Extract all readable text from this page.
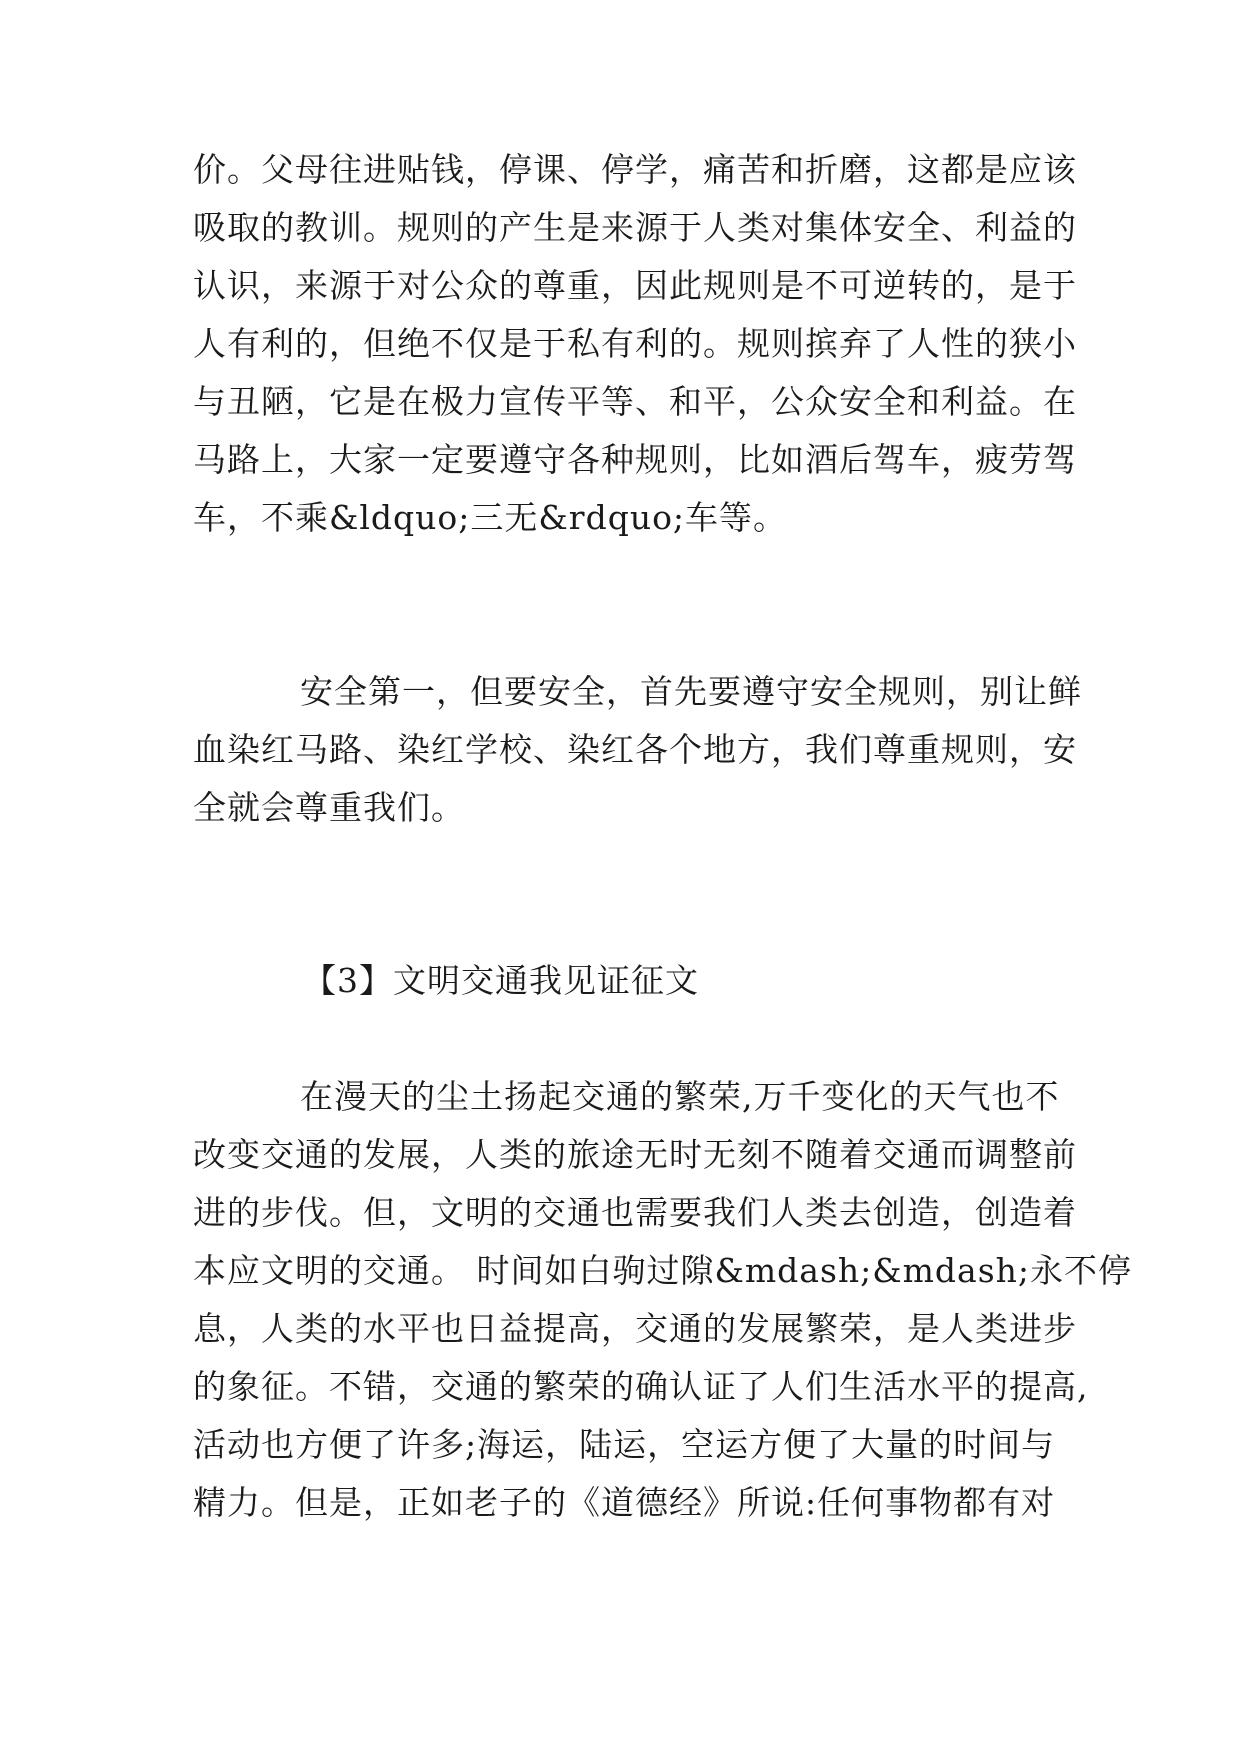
价。父母往进贴钱，停课、停学，痛苦和折磨，这都是应该
吸取的教训。规则的产生是来源于人类对集体安全、利益的
认识，来源于对公众的尊重，因此规则是不可逆转的，是于
人有利的，但绝不仅是于私有利的。规则摈弃了人性的狭小
与丑陋，它是在极力宣传平等、和平，公众安全和利益。在
马路上，大家一定要遵守各种规则，比如酒后驾车，疲劳驾
车，不乘&ldquo;三无&rdquo;车等。
安全第一，但要安全，首先要遵守安全规则，别让鲜
血染红马路、染红学校、染红各个地方，我们尊重规则，安
全就会尊重我们。
【3】文明交通我见证征文
在漫天的尘土扬起交通的繁荣,万千变化的天气也不
改变交通的发展，人类的旅途无时无刻不随着交通而调整前
进的步伐。但，文明的交通也需要我们人类去创造，创造着
本应文明的交通。 时间如白驹过隙&mdash;&mdash;永不停
息，人类的水平也日益提高，交通的发展繁荣，是人类进步
的象征。不错，交通的繁荣的确认证了人们生活水平的提高,
活动也方便了许多;海运，陆运，空运方便了大量的时间与
精力。但是，正如老子的《道德经》所说:任何事物都有对
